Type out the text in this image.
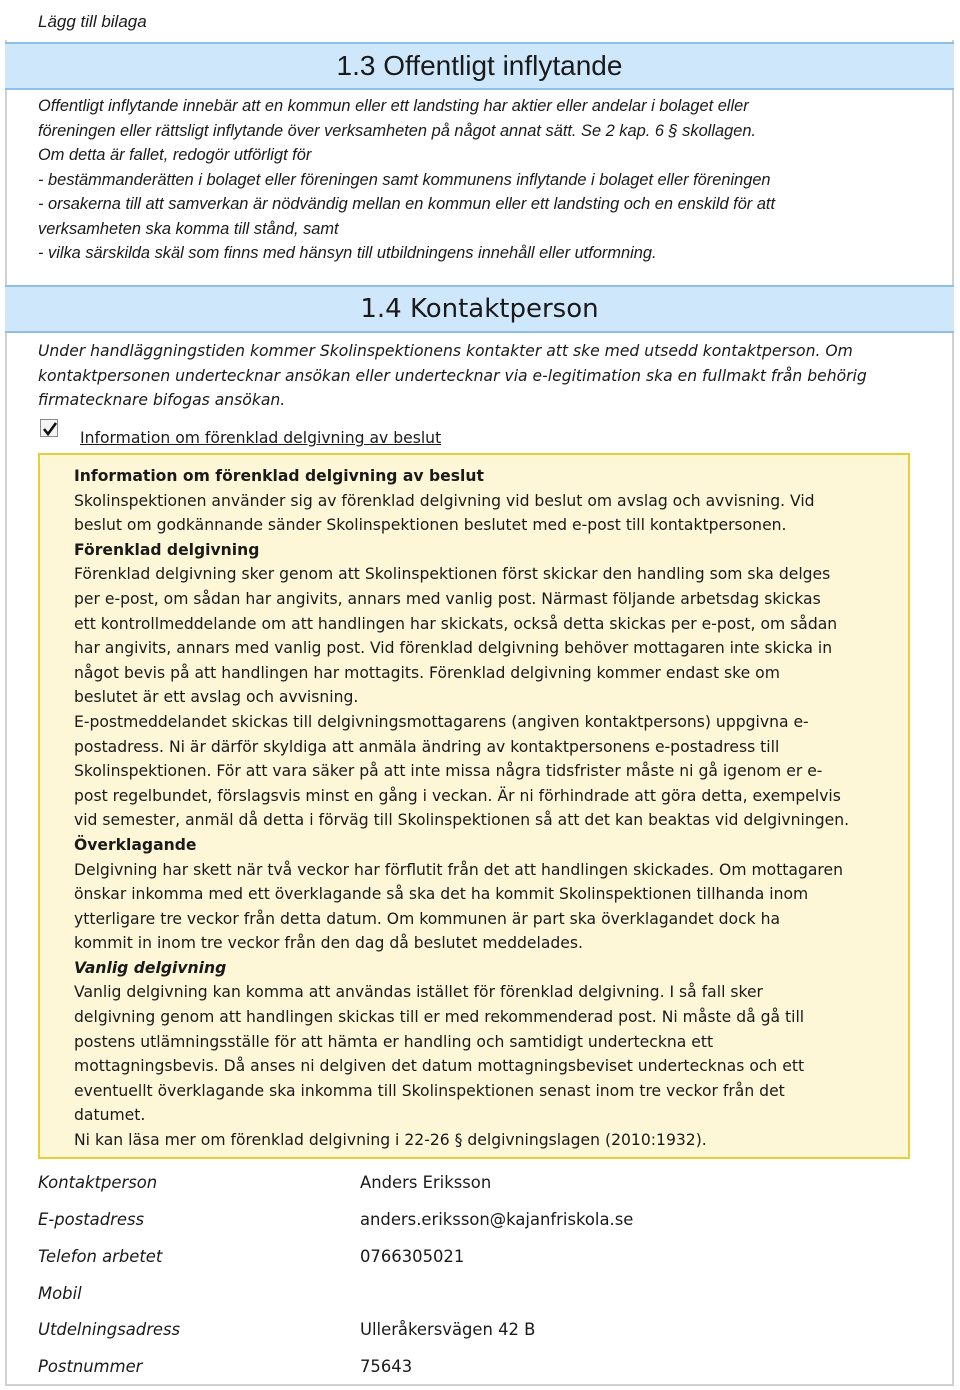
Lägg till bilaga
1.3 Offentligt inflytande
Offentligt inflytande innebär att en kommun eller ett landsting har aktier eller andelar i bolaget eller
föreningen eller rättsligt inflytande över verksamheten på något annat sätt. Se 2 kap. 6 § skollagen.
Om detta är fallet, redogör utförligt för
- bestämmanderätten i bolaget eller föreningen samt kommunens inflytande i bolaget eller föreningen
- orsakerna till att samverkan är nödvändig mellan en kommun eller ett landsting och en enskild för att
verksamheten ska komma till stånd, samt
- vilka särskilda skäl som finns med hänsyn till utbildningens innehåll eller utformning.
1.4 Kontaktperson
Under handläggningstiden kommer Skolinspektionens kontakter att ske med utsedd kontaktperson. Om
kontaktpersonen undertecknar ansökan eller undertecknar via e-legitimation ska en fullmakt från behörig
firmatecknare bifogas ansökan.
Information om förenklad delgivning av beslut

Information om förenklad delgivning av beslut

Skolinspektionen använder sig av förenklad delgivning vid beslut om avslag och avvisning. Vid

beslut om godkännande sänder Skolinspektionen beslutet med e-post till kontaktpersonen.

Förenklad delgivning

Förenklad delgivning sker genom att Skolinspektionen först skickar den handling som ska delges

per e-post, om sådan har angivits, annars med vanlig post. Närmast följande arbetsdag skickas

ett kontrollmeddelande om att handlingen har skickats, också detta skickas per e-post, om sådan

har angivits, annars med vanlig post. Vid förenklad delgivning behöver mottagaren inte skicka in

något bevis på att handlingen har mottagits. Förenklad delgivning kommer endast ske om

beslutet är ett avslag och avvisning.

E-postmeddelandet skickas till delgivningsmottagarens (angiven kontaktpersons) uppgivna e-

postadress. Ni är därför skyldiga att anmäla ändring av kontaktpersonens e-postadress till

Skolinspektionen. För att vara säker på att inte missa några tidsfrister måste ni gå igenom er e-

post regelbundet, förslagsvis minst en gång i veckan. Är ni förhindrade att göra detta, exempelvis

vid semester, anmäl då detta i förväg till Skolinspektionen så att det kan beaktas vid delgivningen.

Överklagande

Delgivning har skett när två veckor har förflutit från det att handlingen skickades. Om mottagaren

önskar inkomma med ett överklagande så ska det ha kommit Skolinspektionen tillhanda inom

ytterligare tre veckor från detta datum. Om kommunen är part ska överklagandet dock ha

kommit in inom tre veckor från den dag då beslutet meddelades.

Vanlig delgivning

Vanlig delgivning kan komma att användas istället för förenklad delgivning. I så fall sker

delgivning genom att handlingen skickas till er med rekommenderad post. Ni måste då gå till

postens utlämningsställe för att hämta er handling och samtidigt underteckna ett

mottagningsbevis. Då anses ni delgiven det datum mottagningsbeviset undertecknas och ett

eventuellt överklagande ska inkomma till Skolinspektionen senast inom tre veckor från det

datumet.

Ni kan läsa mer om förenklad delgivning i 22-26 § delgivningslagen (2010:1932).

Kontaktperson	Anders Eriksson
E-postadress	anders.eriksson@kajanfriskola.se
Telefon arbetet	0766305021
Mobil
Utdelningsadress	Ulleråkersvägen 42 B
Postnummer	75643
